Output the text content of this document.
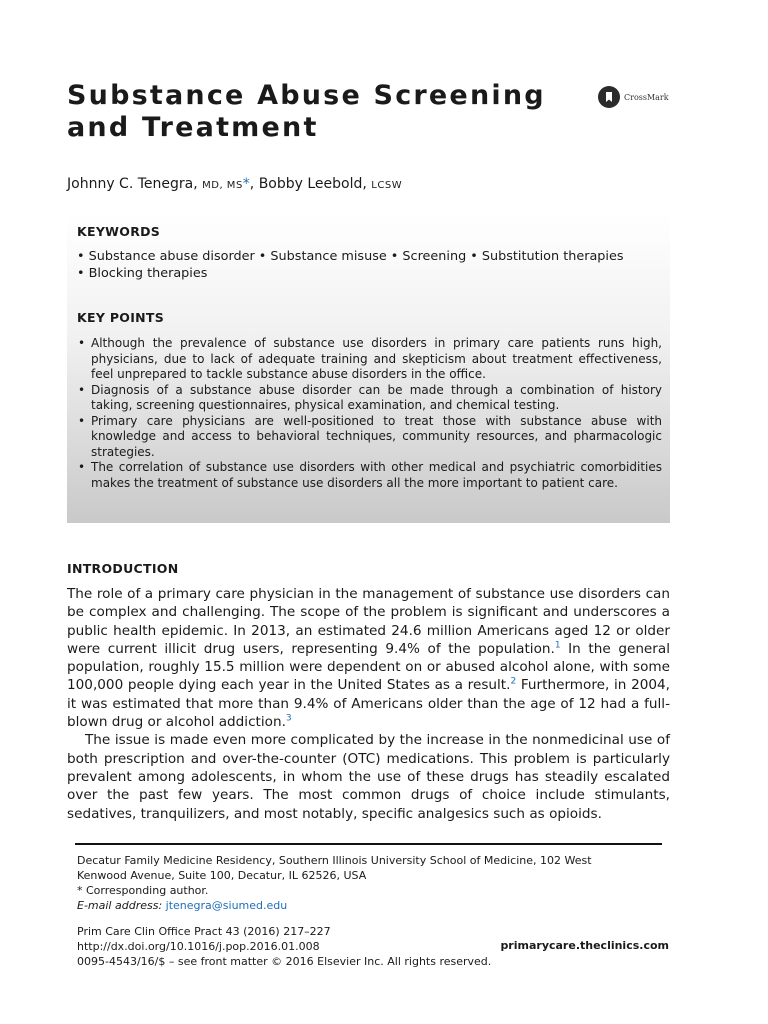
Substance Abuse Screening
and Treatment
CrossMark
Johnny C. Tenegra, MD, MS*, Bobby Leebold, LCSW
KEYWORDS
• Substance abuse disorder • Substance misuse • Screening • Substitution therapies
• Blocking therapies
KEY POINTS
• Although the prevalence of substance use disorders in primary care patients runs high, physicians, due to lack of adequate training and skepticism about treatment effectiveness, feel unprepared to tackle substance abuse disorders in the office.
• Diagnosis of a substance abuse disorder can be made through a combination of history taking, screening questionnaires, physical examination, and chemical testing.
• Primary care physicians are well-positioned to treat those with substance abuse with knowledge and access to behavioral techniques, community resources, and pharmacologic strategies.
• The correlation of substance use disorders with other medical and psychiatric comorbidities makes the treatment of substance use disorders all the more important to patient care.
INTRODUCTION

The role of a primary care physician in the management of substance use disorders can be complex and challenging. The scope of the problem is significant and underscores a public health epidemic. In 2013, an estimated 24.6 million Americans aged 12 or older were current illicit drug users, representing 9.4% of the population.$^1$ In the general population, roughly 15.5 million were dependent on or abused alcohol alone, with some 100,000 people dying each year in the United States as a result.$^2$ Furthermore, in 2004, it was estimated that more than 9.4% of Americans older than the age of 12 had a full-blown drug or alcohol addiction.$^3$

The issue is made even more complicated by the increase in the nonmedicinal use of both prescription and over-the-counter (OTC) medications. This problem is particularly prevalent among adolescents, in whom the use of these drugs has steadily escalated over the past few years. The most common drugs of choice include stimulants, sedatives, tranquilizers, and most notably, specific analgesics such as opioids.

Decatur Family Medicine Residency, Southern Illinois University School of Medicine, 102 West
Kenwood Avenue, Suite 100, Decatur, IL 62526, USA
* Corresponding author.
E-mail address: jtenegra@siumed.edu
Prim Care Clin Office Pract 43 (2016) 217–227
http://dx.doi.org/10.1016/j.pop.2016.01.008	primarycare.theclinics.com
0095-4543/16/$ – see front matter © 2016 Elsevier Inc. All rights reserved.
